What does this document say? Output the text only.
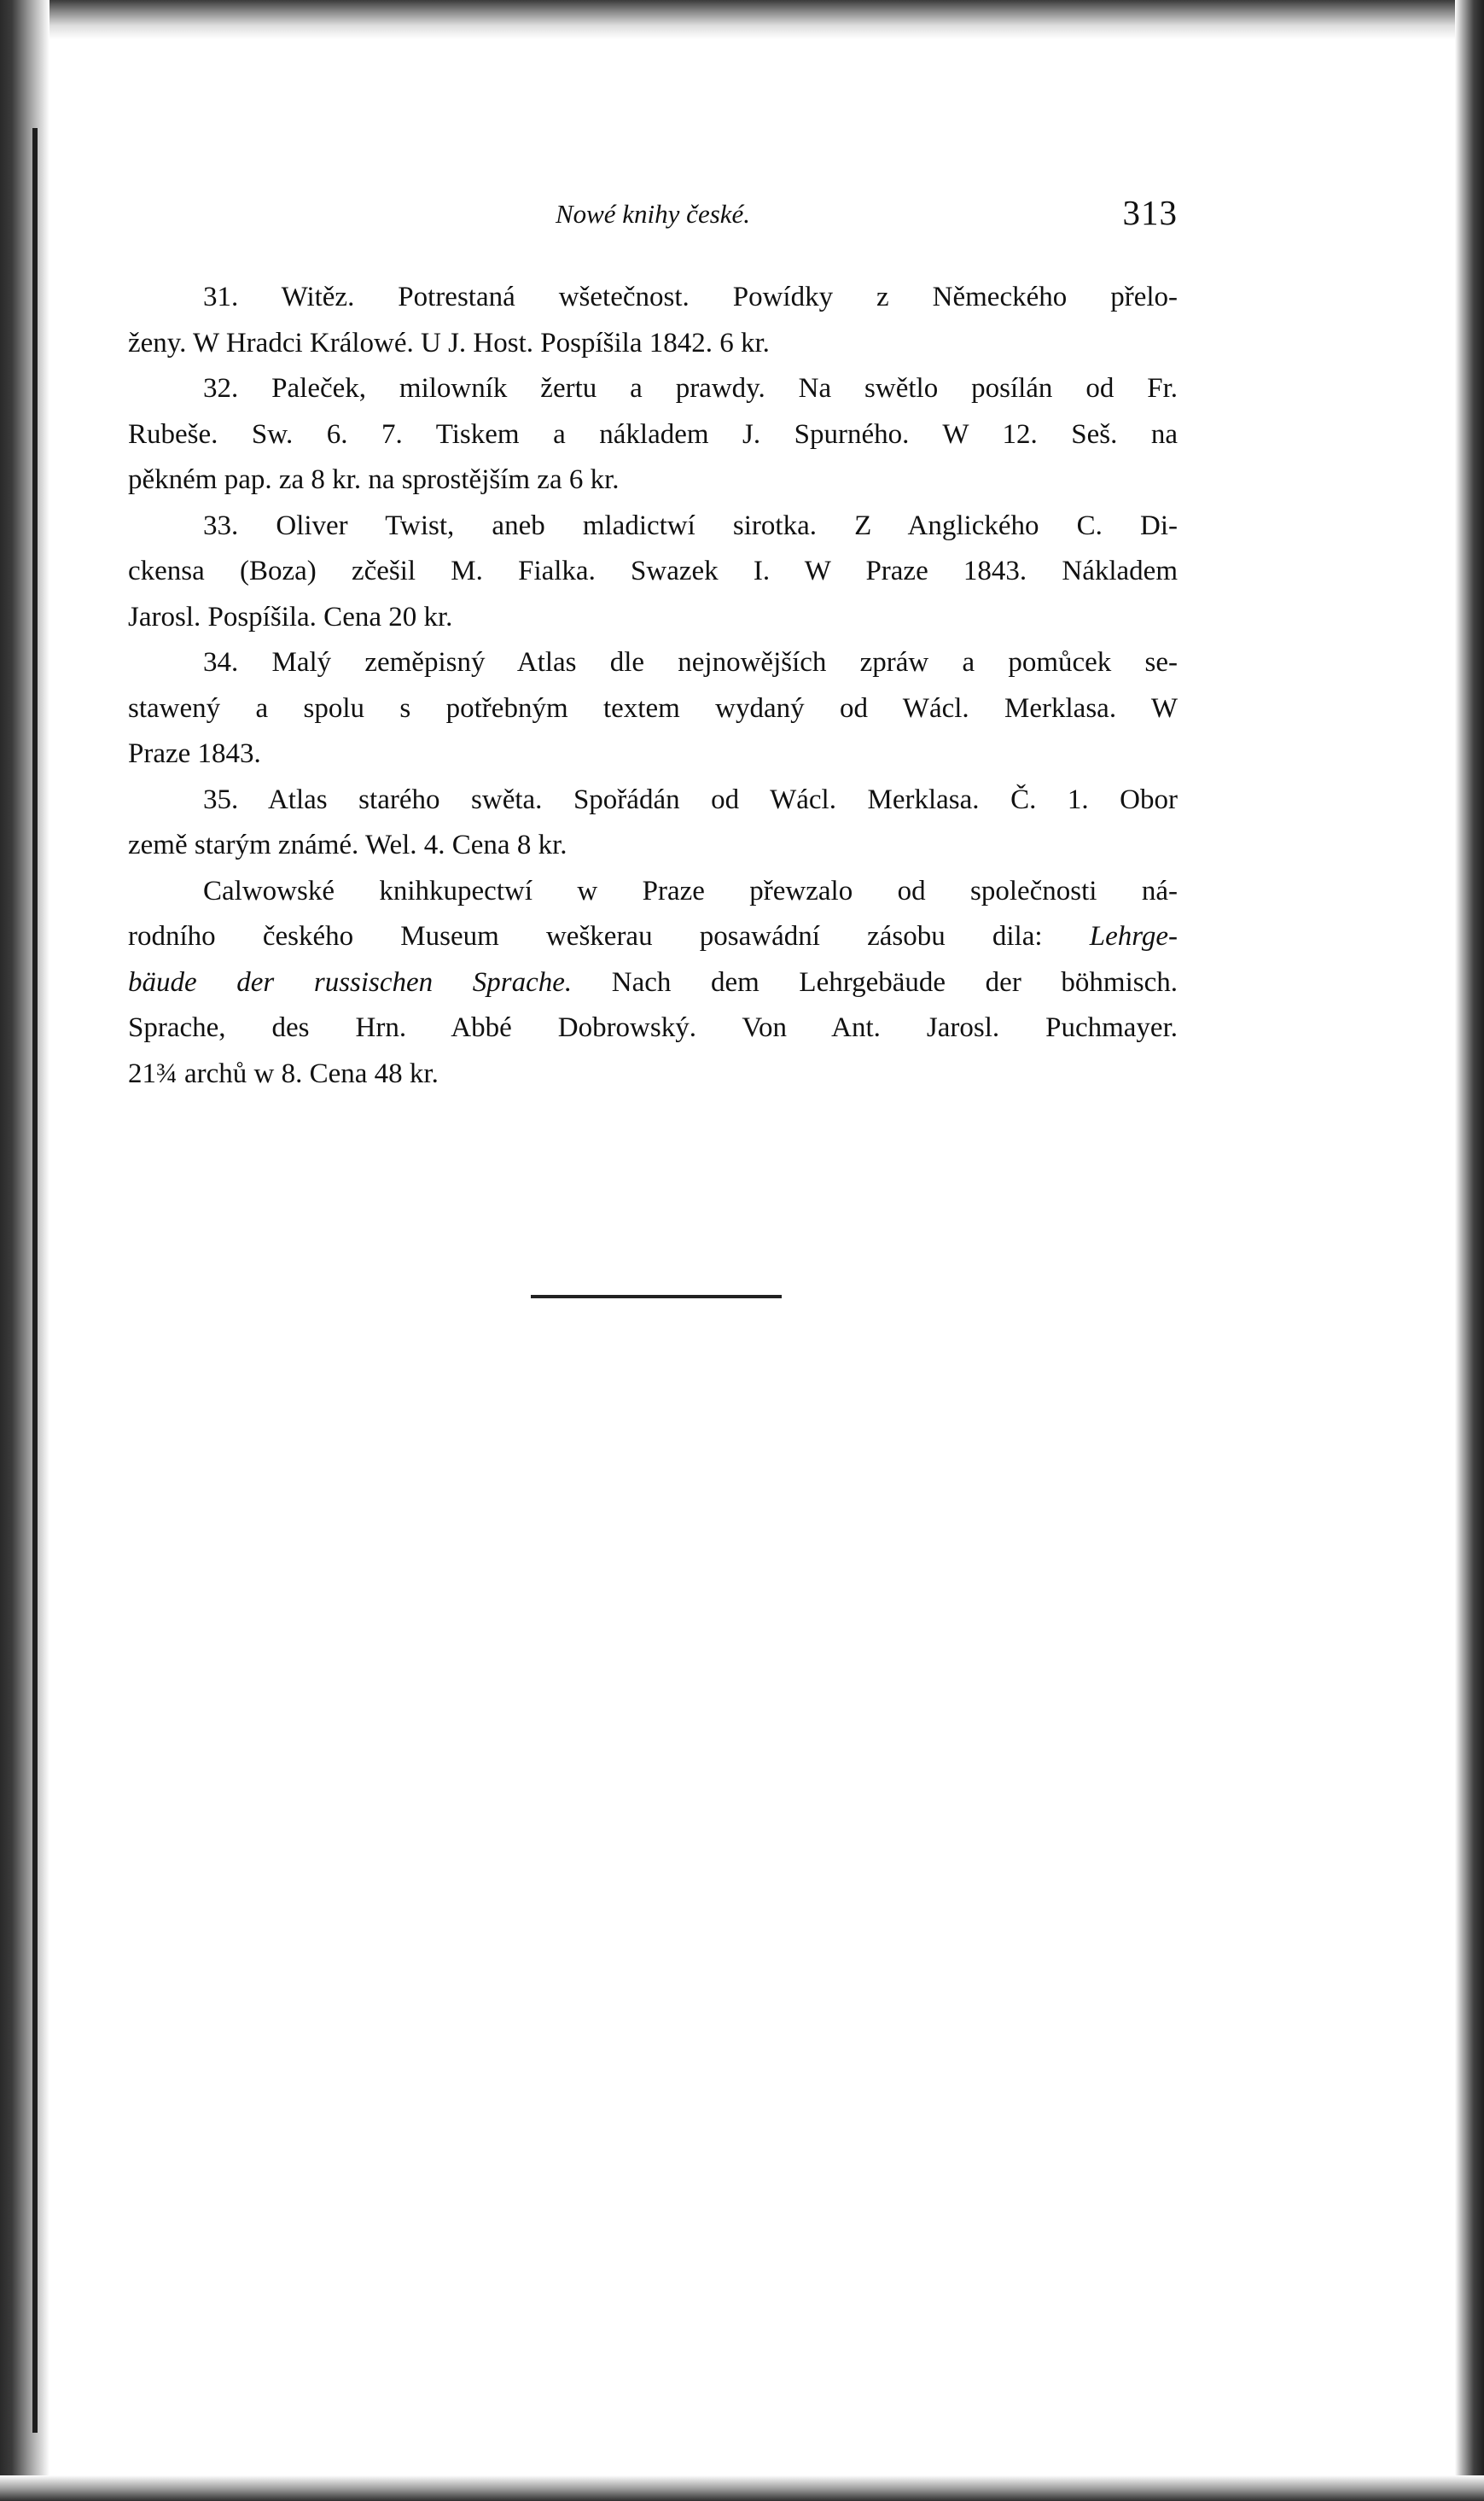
Nowé knihy české.	313
31. Witěz. Potrestaná wšetečnost. Powídky z Německého přelo-
ženy. W Hradci Králowé. U J. Host. Pospíšila 1842. 6 kr.
32. Paleček, milowník žertu a prawdy. Na swětlo posílán od Fr.
Rubeše. Sw. 6. 7. Tiskem a nákladem J. Spurného. W 12. Seš. na
pěkném pap. za 8 kr. na sprostějším za 6 kr.
33. Oliver Twist, aneb mladictwí sirotka. Z Anglického C. Di-
ckensa (Boza) zčešil M. Fialka. Swazek I. W Praze 1843. Nákladem
Jarosl. Pospíšila. Cena 20 kr.
34. Malý zeměpisný Atlas dle nejnowějších zpráw a pomůcek se-
stawený a spolu s potřebným textem wydaný od Wácl. Merklasa. W
Praze 1843.
35. Atlas starého swěta. Spořádán od Wácl. Merklasa. Č. 1. Obor
země starým známé. Wel. 4. Cena 8 kr.
Calwowské knihkupectwí w Praze přewzalo od společnosti ná-
rodního českého Museum weškerau posawádní zásobu dila: Lehrge-
bäude der russischen Sprache. Nach dem Lehrgebäude der böhmisch.
Sprache, des Hrn. Abbé Dobrowský. Von Ant. Jarosl. Puchmayer.
21¾ archů w 8. Cena 48 kr.
